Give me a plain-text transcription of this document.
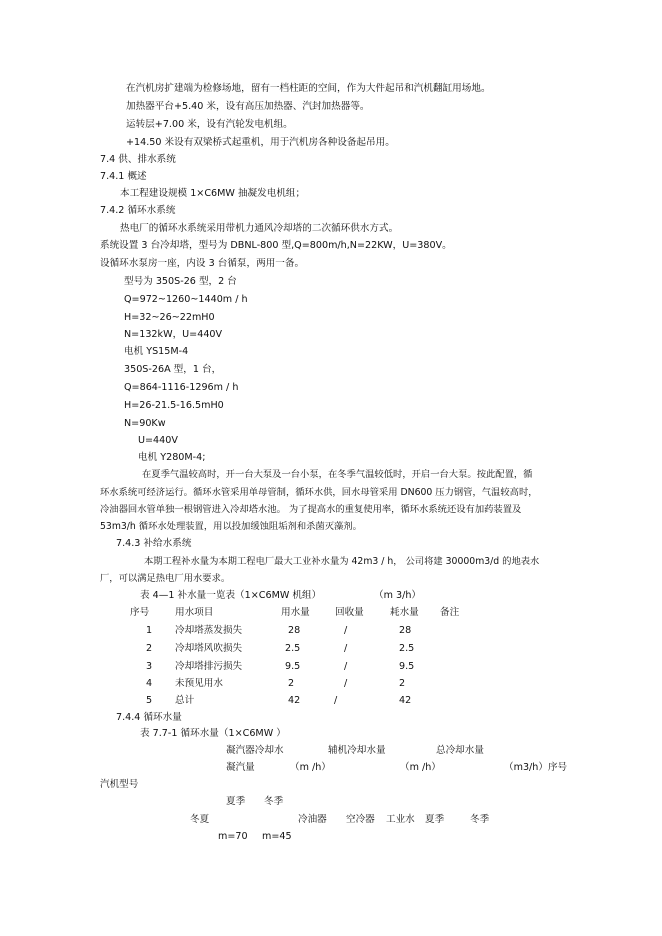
在汽机房扩建端为检修场地，留有一档柱距的空间，作为大件起吊和汽机翻缸用场地。
加热器平台+5.40 米，设有高压加热器、汽封加热器等。
运转层+7.00 米，设有汽轮发电机组。
+14.50 米设有双梁桥式起重机，用于汽机房各种设备起吊用。
7.4 供、排水系统
7.4.1 概述
本工程建设规模 1×C6MW 抽凝发电机组；
7.4.2 循环水系统
热电厂的循环水系统采用带机力通风冷却塔的二次循环供水方式。
系统设置 3 台冷却塔，型号为 DBNL-800 型,Q=800m/h,N=22KW，U=380V。
设循环水泵房一座，内设 3 台循泵，两用一备。
型号为 350S-26 型，2 台
Q=972~1260~1440m / h
H=32~26~22mH0
N=132kW，U=440V
电机 YS15M-4
350S-26A 型，1 台，
Q=864-1116-1296m / h
H=26-21.5-16.5mH0
N=90Kw
U=440V
电机 Y280M-4;
在夏季气温较高时，开一台大泵及一台小泵，在冬季气温较低时，开启一台大泵。按此配置，循
环水系统可经济运行。循环水管采用单母管制，循环水供，回水母管采用 DN600 压力钢管，气温较高时，
冷油器回水管单独一根钢管进入冷却塔水池。 为了提高水的重复使用率，循环水系统还设有加药装置及
53m3/h 循环水处理装置，用以投加缓蚀阻垢剂和杀菌灭藻剂。
7.4.3 补给水系统
本期工程补水量为本期工程电厂最大工业补水量为 42m3 / h， 公司将建 30000m3/d 的地表水
厂，可以满足热电厂用水要求。
表 4—1 补水量一览表（1×C6MW 机组）	（m 3/h）
序号	用水项目	用水量	回收量	耗水量 备注
1 冷却塔蒸发损失	28	/	28
2 冷却塔风吹损失	2.5	/	2.5
3 冷却塔排污损失	9.5	/	9.5
4 未预见用水	2	/	2
5 总计	42	/	42
7.4.4 循环水量
表 7.7-1 循环水量（1×C6MW ）
凝汽器冷却水	辅机冷却水量	总冷却水量
凝汽量	（m /h）	（m /h）	（m3/h）序号
汽机型号
夏季 冬季
冬夏	冷油器 空冷器 工业水 夏季	冬季
m=70 m=45
